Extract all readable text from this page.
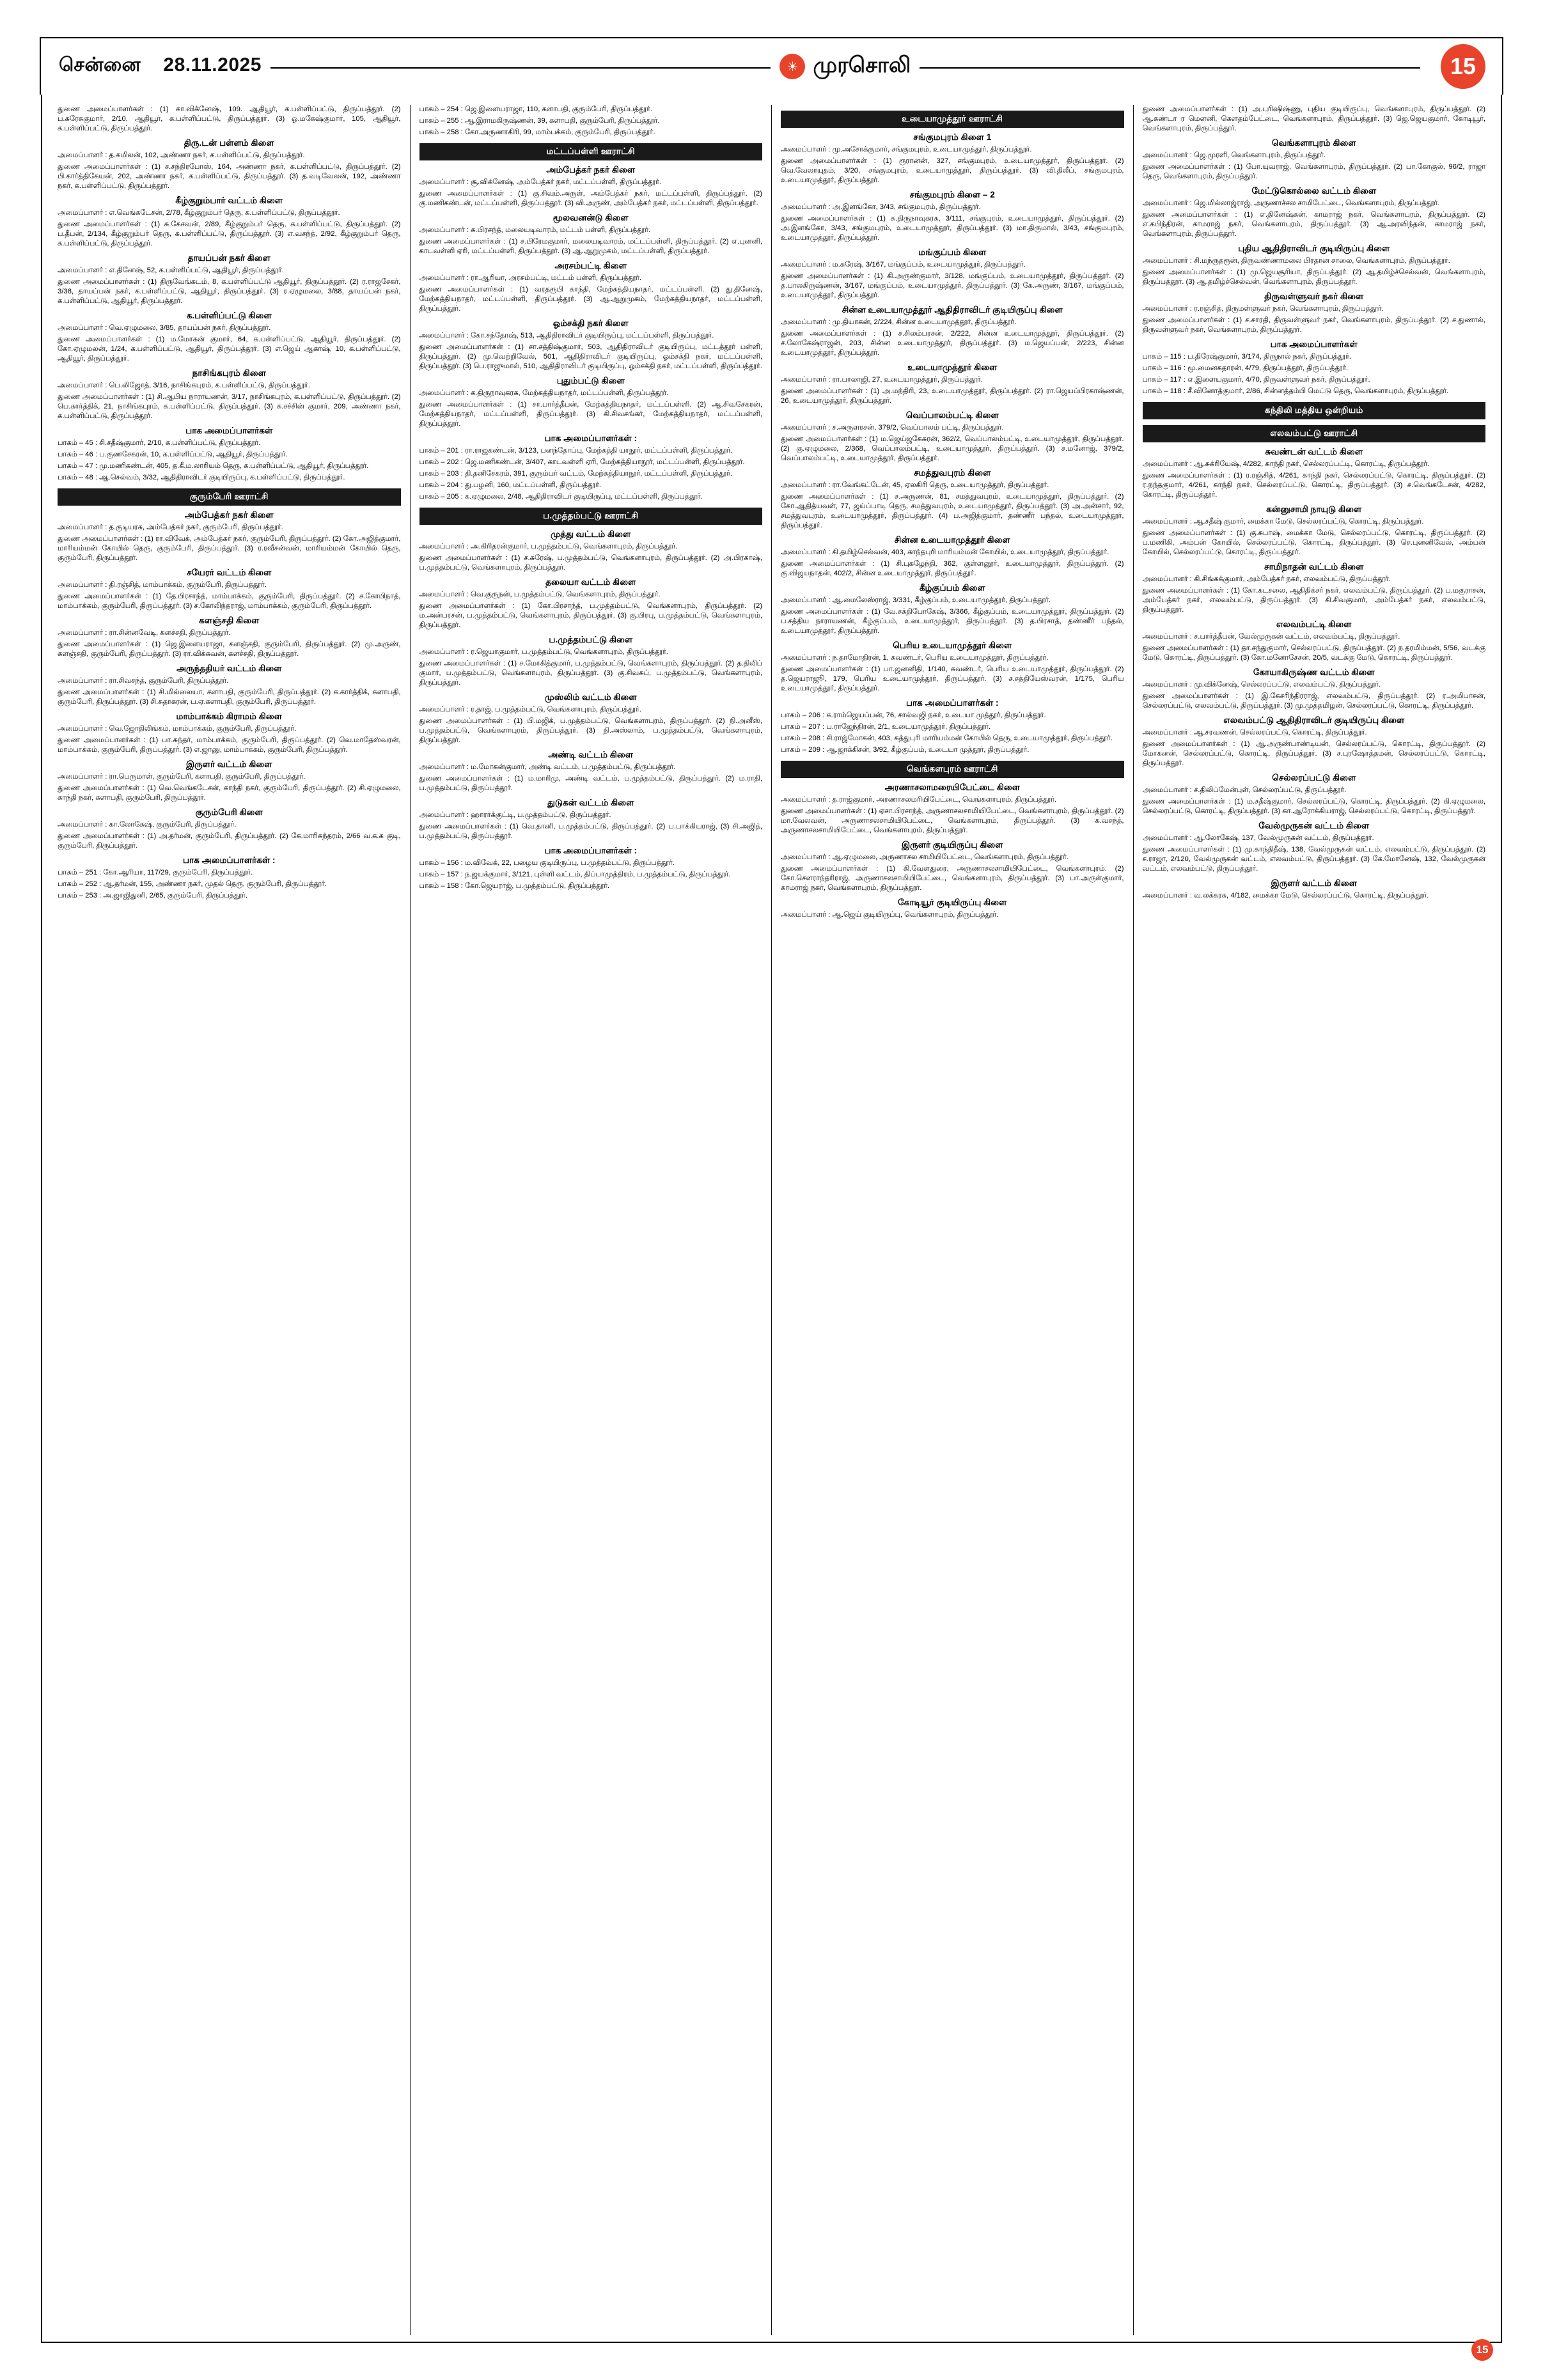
சென்னை 28.11.2025	☀ முரசொலி	15
துணை அமைப்பாளர்கள் : (1) கா.விக்னேஷ், 109. ஆதியூர், க.பள்ளிப்பட்டு, திருப்பத்தூர். (2) ப.சுரேசுகுமார், 2/10, ஆதியூர், க.பள்ளிப்பட்டு, திருப்பத்தூர். (3) ஓ.மகேஷ்குமார், 105, ஆதியூர், க.பள்ளிப்பட்டு, திருப்பத்தூர்.
திரு.டன் பள்ளம் கிளை
அமைப்பாளர் : த.கமிலன், 102, அண்ணா நகர், க.பள்ளிப்பட்டு, திருப்பத்தூர்.
துணை அமைப்பாளர்கள் : (1) ச.சந்திரபோஸ், 164, அண்ணா நகர், க.பள்ளிப்பட்டு, திருப்பத்தூர். (2) பி.கார்த்திகேயன், 202, அண்ணா நகர், க.பள்ளிப்பட்டு, திருப்பத்தூர். (3) த.வடிவேலன், 192, அண்ணா நகர், க.பள்ளிப்பட்டு, திருப்பத்தூர்.
கீழ்குறும்பார் வட்டம் கிளை
அமைப்பாளர் : எ.வெங்கடேசன், 2/78, கீழ்குறும்பர் தெரு, க.பள்ளிப்பட்டு, திருப்பத்தூர்.
துணை அமைப்பாளர்கள் : (1) சு.கேசவன், 2/89, கீழ்குறும்பர் தெரு, க.பள்ளிப்பட்டு, திருப்பத்தூர். (2) ப.தீபன், 2/134, கீழ்குறும்பர் தெரு, க.பள்ளிப்பட்டு, திருப்பத்தூர். (3) எ.வசந்த், 2/92, கீழ்குறும்பர் தெரு, க.பள்ளிப்பட்டு, திருப்பத்தூர்.
தாயப்பன் நகர் கிளை
அமைப்பாளர் : எ.தினேஷ், 52, க.பள்ளிப்பட்டு, ஆதியூர், திருப்பத்தூர்.
துணை அமைப்பாளர்கள் : (1) திருவேங்கடம், 8, க.பள்ளிப்பட்டு ஆதியூர், திருப்பத்தூர். (2) ர.ராஜசேகர், 3/38, தாயப்பன் நகர், க.பள்ளிப்பட்டு, ஆதியூர், திருப்பத்தூர். (3) ர.ஏழுமலை, 3/88, தாயப்பன் நகர், க.பள்ளிப்பட்டு, ஆதியூர், திருப்பத்தூர்.
க.பள்ளிப்பட்டு கிளை
அமைப்பாளர் : வெ.ஏழுமலை, 3/85, தாயப்பன் நகர், திருப்பத்தூர்.
துணை அமைப்பாளர்கள் : (1) ம.மோகன் குமார், 64, க.பள்ளிப்பட்டு, ஆதியூர், திருப்பத்தூர். (2) கோ.ஏழுமலன், 1/24, க.பள்ளிப்பட்டு, ஆதியூர், திருப்பத்தூர். (3) எ.ஜெய் ஆகாஷ், 10, க.பள்ளிப்பட்டு, ஆதியூர், திருப்பத்தூர்.
நாசிங்கபுரம் கிளை
அமைப்பாளர் : பெ.லிஜோத், 3/16, நாசிங்கபுரம், க.பள்ளிப்பட்டு, திருப்பத்தூர்.
துணை அமைப்பாளர்கள் : (1) சி.ஆபிய நாராயணன், 3/17, நாசிங்கபுரம், க.பள்ளிப்பட்டு, திருப்பத்தூர். (2) பெ.கார்த்திக், 21, நாசிங்கபுரம், க.பள்ளிப்பட்டு, திருப்பத்தூர். (3) சு.சச்சின் குமார், 209, அண்ணா நகர், க.பள்ளிப்பட்டு, திருப்பத்தூர்.
பாக அமைப்பாளர்கள்
பாகம் – 45 : சி.சதீஷ்குமார், 2/10, க.பள்ளிப்பட்டு, திருப்பத்தூர்.
பாகம் – 46 : ப.குணசேகரன், 10, க.பள்ளிப்பட்டு, ஆதியூர், திருப்பத்தூர்.
பாகம் – 47 : மு.மணிகண்டன், 405, த.கீ.ம.லாரியம் தெரு, க.பள்ளிப்பட்டு, ஆதியூர், திருப்பத்தூர்.
பாகம் – 48 : ஆ.செல்வம், 3/32, ஆதிதிராவிடர் குடியிருப்பு, க.பள்ளிப்பட்டு, திருப்பத்தூர்.
குரும்பேரி ஊராட்சி
அம்பேத்கர் நகர் கிளை
அமைப்பாளர் : த.குடியரசு, அம்பேத்கர் நகர், குரும்பேரி, திருப்பத்தூர்.
துணை அமைப்பாளர்கள் : (1) ரா.விவேக், அம்பேத்கர் நகர், குரும்பேரி, திருப்பத்தூர். (2) கோ.அஜித்குமார், மாரியம்மன் கோயில் தெரு, குரும்பேரி, திருப்பத்தூர். (3) ர.ரவீசன்வன், மாரியம்மன் கோயில் தெரு, குரும்பேரி, திருப்பத்தூர்.
சயேரர் வட்டம் கிளை
அமைப்பாளர் : தி.ரஞ்சித், மாம்பாக்கம், குரும்பேரி, திருப்பத்தூர்.
துணை அமைப்பாளர்கள் : (1) தே.பிரசாந்த், மாம்பாக்கம், குரும்பேரி, திருப்பத்தூர். (2) ச.கோபிநாத், மாம்பாக்கம், குரும்பேரி, திருப்பத்தூர். (3) ச.கோலிந்தராஜ், மாம்பாக்கம், குரும்பேரி, திருப்பத்தூர்.
களஞ்சதி கிளை
அமைப்பாளர் : ரா.சின்னவேடி, களச்சதி, திருப்பத்தூர்.
துணை அமைப்பாளர்கள் : (1) ஜெ.இளையராஜா, களஞ்சதி, குரும்பேரி, திருப்பத்தூர். (2) மு.அருண், களஞ்சதி, குரும்பேரி, திருப்பத்தூர். (3) ரா.விக்சுவன், களச்சதி, திருப்பத்தூர்.
அருந்ததியர் வட்டம் கிளை
அமைப்பாளர் : ரா.சிவசந்த், குரும்பேரி, திருப்பத்தூர்.
துணை அமைப்பாளர்கள் : (1) சி.மில்லையா, களாபதி, குரும்பேரி, திருப்பத்தூர். (2) க.கார்த்திக், களாபதி, குரும்பேரி, திருப்பத்தூர். (3) சி.சுதாகரன், ப.ஏ.களாபதி, குரும்பேரி, திருப்பத்தூர்.
மாம்பாக்கம் கிராமம் கிளை
அமைப்பாளர் : வெ.ஜோதிலிங்கம், மாம்பாக்கம், குரும்பேரி, திருப்பத்தூர்.
துணை அமைப்பாளர்கள் : (1) பா.சுந்தர், மாம்பாக்கம், குரும்பேரி, திருப்பத்தூர். (2) வெ.மாதேஸ்வரன், மாம்பாக்கம், குரும்பேரி, திருப்பத்தூர். (3) எ.ஜானு, மாம்பாக்கம், குரும்பேரி, திருப்பத்தூர்.
இருளர் வட்டம் கிளை
அமைப்பாளர் : ரா.பெருமாள், குரும்பேரி, களாபதி, குரும்பேரி, திருப்பத்தூர்.
துணை அமைப்பாளர்கள் : (1) வெ.வெங்கடேசன், காந்தி நகர், குரும்பேரி, திருப்பத்தூர். (2) சி.ஏழுமலை, காந்தி நகர், களாபதி, குரும்பேரி, திருப்பத்தூர்.
குரும்பேரி கிளை
அமைப்பாளர் : கா.லோகேஷ், குரும்பேரி, திருப்பத்தூர்.
துணை அமைப்பாளர்கள் : (1) அ.தர்மன், குரும்பேரி, திருப்பத்தூர். (2) கே.மாரிசுந்தரம், 2/66 வ.க.க குடி, குரும்பேரி, திருப்பத்தூர்.
பாக அமைப்பாளர்கள் :
பாகம் – 251 : கோ.ஆரியா, 117/29, குரும்பேரி, திருப்பத்தூர்.
பாகம் – 252 : ஆ.தர்மன், 155, அண்ணா நகர், முதல் தெரு, குரும்பேரி, திருப்பத்தூர்.
பாகம் – 253 : அ.ஜாஜிதுனி, 2/65, குரும்பேரி, திருப்பத்தூர்.
பாகம் – 254 : ஜெ.இளையராஜா, 110, களாபதி, குரும்பேரி, திருப்பத்தூர்.
பாகம் – 255 : ஆ.இராமகிருஷ்ணன், 39, களாபதி, குரும்பேரி, திருப்பத்தூர்.
பாகம் – 258 : கோ.அருணாகிரி, 99, மாம்பக்கம், குரும்பேரி, திருப்பத்தூர்.
மட்டப்பள்ளி ஊராட்சி
அம்பேத்கர் நகர் கிளை
அமைப்பாளர் : சூ.விக்னேஷ், அம்பேத்கர் நகர், மட்டப்பள்ளி, திருப்பத்தூர்.
துணை அமைப்பாளர்கள் : (1) கு.சிவம்.அருள், அம்பேத்கர் நகர், மட்டப்பள்ளி, திருப்பத்தூர். (2) கு.மணிகண்டன், மட்டப்பள்ளி, திருப்பத்தூர். (3) வி.அருண், அம்பேத்கர் நகர், மட்டப்பள்ளி, திருப்பத்தூர்.
மூலவனன்டு கிளை
அமைப்பாளர் : சு.பிரசந்த், மலையடிவாரம், மட்டம் பள்ளி, திருப்பத்தூர்.
துணை அமைப்பாளர்கள் : (1) ச.பிரேமகுமார், மலையடிவாரம், மட்டப்பள்ளி, திருப்பத்தூர். (2) எ.புனனி, காடவள்ளி ஏரி, மட்டப்பள்ளி, திருப்பத்தூர். (3) ஆ.ஆறுமுகம், மட்டப்பள்ளி, திருப்பத்தூர்.
அரசம்பட்டி கிளை
அமைப்பாளர் : ரா.ஆரியா, அரசம்பட்டி, மட்டம் பள்ளி, திருப்பத்தூர்.
துணை அமைப்பாளர்கள் : (1) வரதரூபி காந்தி, மேற்கத்தியநாதர், மட்டப்பள்ளி. (2) து.தினேஷ், மேற்கத்தியநாதர், மட்டப்பள்ளி, திருப்பத்தூர். (3) ஆ.ஆறுமுகம், மேற்கத்தியநாதர், மட்டப்பள்ளி, திருப்பத்தூர்.
ஓம்சக்தி நகர் கிளை
அமைப்பாளர் : கோ.சந்தோஷ், 513, ஆதிதிராவிடர் குடியிருப்பு, மட்டப்பள்ளி, திருப்பத்தூர்.
துணை அமைப்பாளர்கள் : (1) சா.சத்திஷ்குமார், 503, ஆதிதிராவிடர் குடியிருப்பு, மட்டத்தூர் பள்ளி, திருப்பத்தூர். (2) மு.வெற்றிவேல், 501, ஆதிதிராவிடர் குடியிருப்பு, ஓம்சக்தி நகர், மட்டப்பள்ளி, திருப்பத்தூர். (3) பெ.ராஜுமால், 510, ஆதிதிராவிடர் குடியிருப்பு, ஓம்சக்தி நகர், மட்டப்பள்ளி, திருப்பத்தூர்.
புதும்பட்டு கிளை
அமைப்பாளர் : க.திருநாவுகரசு, மேற்கத்தியநாதர், மட்டப்பள்ளி, திருப்பத்தூர்.
துணை அமைப்பாளர்கள் : (1) சா.பார்த்தீபன், மேற்கத்தியநாதர், மட்டப்பள்ளி. (2) ஆ.சிவசேகரன், மேற்கத்தியநாதர், மட்டப்பள்ளி, திருப்பத்தூர். (3) கி.சிவசங்கர், மேற்கத்தியநாதர், மட்டப்பள்ளி, திருப்பத்தூர்.
பாக அமைப்பாளர்கள் :
பாகம் – 201 : ரா.ராஜகண்டன், 3/123, பனந்தோப்பு, மேற்கத்தி யாநூர், மட்டப்பள்ளி, திருப்பத்தூர்.
பாகம் – 202 : ஜெ.மணிகண்டன், 3/407, காடவள்ளி ஏரி, மேற்கத்தியாநூர், மட்டப்பள்ளி, திருப்பத்தூர்.
பாகம் – 203 : தி.தனிசேகரம், 391, குரும்பர் வட்டம், மேற்கத்தியாநூர், மட்டப்பள்ளி, திருப்பத்தூர்.
பாகம் – 204 : து.பழனி, 160, மட்டப்பள்ளி, திருப்பத்தூர்.
பாகம் – 205 : க.ஏழுமலை, 2/48, ஆதிதிராவிடர் குடியிருப்பு, மட்டப்பள்ளி, திருப்பத்தூர்.
ப.முத்தம்பட்டு ஊராட்சி
முத்து வட்டம் கிளை
அமைப்பாளர் : அ.கிரிதரன்குமார், ப.முத்தம்பட்டு, வெங்களாபுரம், திருப்பத்தூர்.
துணை அமைப்பாளர்கள் : (1) ச.சுரேஷ், ப.முத்தம்பட்டு, வெங்களாபுரம், திருப்பத்தூர். (2) அ.பிரகாஷ், ப.முத்தம்பட்டு, வெங்களாபுரம், திருப்பத்தூர்.
தலையா வட்டம் கிளை
அமைப்பாளர் : வெ.குருநன், ப.முத்தம்பட்டு, வெங்களாபுரம், திருப்பத்தூர்.
துணை அமைப்பாளர்கள் : (1) கோ.பிரசாந்த், ப.முத்தம்பட்டு, வெங்களாபுரம், திருப்பத்தூர். (2) ம.அன்பரசன், ப.முத்தம்பட்டு, வெங்களாபுரம், திருப்பத்தூர். (3) கு.பிரபு, ப.முத்தம்பட்டு, வெங்களாபுரம், திருப்பத்தூர்.
ப.முத்தம்பட்டு கிளை
அமைப்பாளர் : ர.ஜெயாகுமார், ப.முத்தம்பட்டு, வெங்களாபுரம், திருப்பத்தூர்.
துணை அமைப்பாளர்கள் : (1) ச.மோகித்குமார், ப.முத்தம்பட்டு, வெங்களாபுரம், திருப்பத்தூர். (2) த.திலிப் குமார், ப.முத்தம்பட்டு, வெங்களாபுரம், திருப்பத்தூர். (3) கு.சிவசுப், ப.முத்தம்பட்டு, வெங்களாபுரம், திருப்பத்தூர்.
முஸ்லிம் வட்டம் கிளை
அமைப்பாளர் : ர.தாஜ், ப.முத்தம்பட்டு, வெங்களாபுரம், திருப்பத்தூர்.
துணை அமைப்பாளர்கள் : (1) பி.மஜிக், ப.முத்தம்பட்டு, வெங்களாபுரம், திருப்பத்தூர். (2) நி.அனீஸ், ப.முத்தம்பட்டு, வெங்களாபுரம், திருப்பத்தூர். (3) நி.அஸ்லாம், ப.முத்தம்பட்டு, வெங்களாபுரம், திருப்பத்தூர்.
அண்டி வட்டம் கிளை
அமைப்பாளர் : ம.மோகன்குமார், அண்டி வட்டம், ப.முத்தம்பட்டு, திருப்பத்தூர்.
துணை அமைப்பாளர்கள் : (1) ம.மாரிமு, அண்டி வட்டம், ப.முத்தம்பட்டு, திருப்பத்தூர். (2) ம.ராதி, ப.முத்தம்பட்டு, திருப்பத்தூர்.
துடுகன் வட்டம் கிளை
அமைப்பாளர் : ஹாராக்குட்டி, ப.முத்தம்பட்டு, திருப்பத்தூர்.
துணை அமைப்பாளர்கள் : (1) வெ.தானி, ப.முத்தம்பட்டு, திருப்பத்தூர். (2) ப.பாக்கியராஜ், (3) சி.அஜித், ப.முத்தம்பட்டு, திருப்பத்தூர்.
பாக அமைப்பாளர்கள் :
பாகம் – 156 : ம.விவேக், 22, பழைய குடியிருப்பு, ப.முத்தம்பட்டு, திருப்பத்தூர்.
பாகம் – 157 : ந.ஜயக்குமார், 3/121, புள்ளி வட்டம், திப்பாமுத்திரம், ப.முத்தம்பட்டு, திருப்பத்தூர்.
பாகம் – 158 : கோ.ஜெயராஜ், ப.முத்தம்பட்டு, திருப்பத்தூர்.
உடையாமுத்தூர் ஊராட்சி
சங்குமபுரம் கிளை 1
அமைப்பாளர் : மு.அசோக்குமார், சங்குமபுரம், உடையாமுத்தூர், திருப்பத்தூர்.
துணை அமைப்பாளர்கள் : (1) ரூரானன், 327, சங்குமபுரம், உடையாமுத்தூர், திருப்பத்தூர். (2) வெ.வேலாயுதம், 3/20, சங்குமபுரம், உடையாமுத்தூர், திருப்பத்தூர். (3) வி.திலீப், சங்குமபுரம், உடையாமுத்தூர், திருப்பத்தூர்.
சங்குமபுரம் கிளை – 2
அமைப்பாளர் : அ.இளங்கோ, 3/43, சங்குமபுரம், திருப்பத்தூர்.
துணை அமைப்பாளர்கள் : (1) சு.திருநாவுகரசு, 3/111, சங்குபுரம், உடையாமுத்தூர், திருப்பத்தூர். (2) அ.இளங்கோ, 3/43, சங்குமபுரம், உடையாமுத்தூர், திருப்பத்தூர். (3) மா.திருமால், 3/43, சங்குமபுரம், உடையாமுத்தூர், திருப்பத்தூர்.
மங்குப்பம் கிளை
அமைப்பாளர் : ம.சுரேஷ், 3/167, மங்குப்பம், உடையாமுத்தூர், திருப்பத்தூர்.
துணை அமைப்பாளர்கள் : (1) கி.அருண்குமார், 3/128, மங்குப்பம், உடையாமுத்தூர், திருப்பத்தூர். (2) த.பாலகிருஷ்ணன், 3/167, மங்குப்பம், உடையாமுத்தூர், திருப்பத்தூர். (3) கே.அருண், 3/167, மங்குப்பம், உடையாமுத்தூர், திருப்பத்தூர்.
சின்ன உடையாமுத்தூர் ஆதிதிராவிடர் குடியிருப்பு கிளை
அமைப்பாளர் : மு.தியாகன், 2/224, சின்ன உடையாமுத்தூர், திருப்பத்தூர்.
துணை அமைப்பாளர்கள் : (1) ச.சிலம்பரசன், 2/222, சின்ன உடையாமுத்தூர், திருப்பத்தூர். (2) ச.லோகேஷ்ராஜன், 203, சின்ன உடையாமுத்தூர், திருப்பத்தூர். (3) ம.ஜெயப்பன், 2/223, சின்ன உடையாமுத்தூர், திருப்பத்தூர்.
உடையாமுத்தூர் கிளை
அமைப்பாளர் : ரா.பாலாஜி, 27, உடையாமுத்தூர், திருப்பத்தூர்.
துணை அமைப்பாளர்கள் : (1) அ.மந்திரி, 23, உடையாமுத்தூர், திருப்பத்தூர். (2) ரா.ஜெயப்பிரகாஷ்ணன், 26, உடையாமுத்தூர், திருப்பத்தூர்.
வெப்பாலம்பட்டி கிளை
அமைப்பாளர் : ச.அருளரசன், 379/2, வெப்பாலம் பட்டி, திருப்பத்தூர்.
துணை அமைப்பாளர்கள் : (1) ம.ஜெய்ஜகேசுரன், 362/2, வெப்பாலம்பட்டி, உடையாமுத்தூர், திருப்பத்தூர். (2) கு.ஏழுமலை, 2/368, வெப்பாலம்பட்டி, உடையாமுத்தூர், திருப்பத்தூர். (3) ச.மனோஜ், 379/2, வெப்பாலம்பட்டி, உடையாமுத்தூர், திருப்பத்தூர்.
சமத்துவபுரம் கிளை
அமைப்பாளர் : ரா.வேங்கட்டேன், 45, ஏலகிரி தெரு, உடையாமுத்தூர், திருப்பத்தூர்.
துணை அமைப்பாளர்கள் : (1) ச.அருணன், 81, சமத்துவபுரம், உடையாமுத்தூர், திருப்பத்தூர். (2) கோ.ஆதித்யவள், 77, ஜய்ப்பாடி தெரு, சமத்துவபுரம், உடையாமுத்தூர், திருப்பத்தூர். (3) அ.அன்சார், 92, சமத்துவபுரம், உடையாமுத்தூர், திருப்பத்தூர். (4) ப.அஜித்குமார், தண்ணீர் பந்தல், உடையாமுத்தூர், திருப்பத்தூர்.
சின்ன உடையாமுத்தூர் கிளை
அமைப்பாளர் : கி.தமிழ்செல்வன், 403, காந்தபுரி மாரியம்மன் கோயில், உடையாமுத்தூர், திருப்பத்தூர்.
துணை அமைப்பாளர்கள் : (1) சி.புகழேந்தி, 362, குள்ளனூர், உடையாமுத்தூர், திருப்பத்தூர். (2) கு.விஜயநாதன், 402/2, சின்ன உடையாமுத்தூர், திருப்பத்தூர்.
கீழ்குப்பம் கிளை
அமைப்பாளர் : ஆ.மைலேஸ்ராஜ், 3/331, கீழ்குப்பம், உடையாமுத்தூர், திருப்பத்தூர்.
துணை அமைப்பாளர்கள் : (1) வே.சக்திபோகேஷ், 3/366, கீழ்குப்பம், உடையாமுத்தூர், திருப்பத்தூர். (2) ப.சத்திய நாராயணன், கீழ்குப்பம், உடையாமுத்தூர், திருப்பத்தூர். (3) த.பிரசாத், தண்ணீர் பந்தல், உடையாமுத்தூர், திருப்பத்தூர்.
பெரிய உடையாமுத்தூர் கிளை
அமைப்பாளர் : ந.தாமோதிரன், 1, சுவண்டர், பெரிய உடையாமுத்தூர், திருப்பத்தூர்.
துணை அமைப்பாளர்கள் : (1) பா.ஜனனிதி, 1/140, சுவண்டர், பெரிய உடையாமுத்தூர், திருப்பத்தூர். (2) த.ஜெயராஜூ, 179, பெரிய உடையாமுத்தூர், திருப்பத்தூர். (3) ச.சத்தியேஸ்வரன், 1/175, பெரிய உடையாமுத்தூர், திருப்பத்தூர்.
பாக அமைப்பாளர்கள் :
பாகம் – 206 : க.ராம்ஜெயப்பன், 76, சால்வஜி நகர், உடையா முத்தூர், திருப்பத்தூர்.
பாகம் – 207 : ப.ராஜேந்திரன், 2/1, உடையாமுத்தூர், திருப்பத்தூர்.
பாகம் – 208 : சி.ராஜ்மோகன், 403, கத்துபுரி மாரியம்மன் கோயில் தெரு, உடையாமுத்தூர், திருப்பத்தூர்.
பாகம் – 209 : ஆ.ஜாக்கிசன், 3/92, கீழ்குப்பம், உடையா முத்தூர், திருப்பத்தூர்.
வெங்களபுரம் ஊராட்சி
அரணாசலாமரையிபேட்டை கிளை
அமைப்பாளர் : த.ராஜ்குமார், அரணாசலமரியிபேட்டை, வெங்களாபுரம், திருப்பத்தூர்.
துணை அமைப்பாளர்கள் : (1) ஏசா.பிரசாந்த், அருணாசலசாமியிபேட்டை, வெங்களாபுரம், திருப்பத்தூர். (2) மா.வேலவன், அருணாசலசாமியிபேட்டை, வெங்களாபுரம், திருப்பத்தூர். (3) க.வசந்த், அருணாசலசாமியிபேட்டை, வெங்களாபுரம், திருப்பத்தூர்.
இருளர் குடியிருப்பு கிளை
அமைப்பாளர் : ஆ.ஏழுமலை, அருணாசல சாமியிபேட்டை, வெங்களாபுரம், திருப்பத்தூர்.
துணை அமைப்பாளர்கள் : (1) கி.வேளதுரை, அருணாசலசாமியிபேட்டை, வெங்களாபுரம். (2) கோ.சௌராந்தரிராஜ், அருணாசலசாமியிபேட்டை, வெங்களாபுரம், திருப்பத்தூர். (3) பா.அருள்குமார், காமராஜ் நகர், வெங்களாபுரம், திருப்பத்தூர்.
கோடியூர் குடியிருப்பு கிளை
அமைப்பாளர் : ஆ.ஜெய் குடியிருப்பு, வெங்களாபுரம், திருப்பத்தூர்.
துணை அமைப்பாளர்கள் : (1) அ.புரிஷிஷ்ணு, புதிய குடியிருப்பு, வெங்களாபுரம், திருப்பத்தூர். (2) ஆ.கண்டா ர மௌனி, கௌதம்பேட்டை, வெங்களாபுரம், திருப்பத்தூர். (3) ஜெ.ஜெயகுமார், கோடியூர், வெங்களாபுரம், திருப்பத்தூர்.
வெங்களாபுரம் கிளை
அமைப்பாளர் : ஜெ.முரளி, வெங்களாபுரம், திருப்பத்தூர்.
துணை அமைப்பாளர்கள் : (1) போ.யுவராஜ், வெங்களாபுரம், திருப்பத்தூர். (2) பா.கோகுல், 96/2, ராஜா தெரு, வெங்களாபுரம், திருப்பத்தூர்.
மேட்டுகொல்லை வட்டம் கிளை
அமைப்பாளர் : ஜெ.மில்லாஜ்ராஜ், அருணாச்சல சாமிபேட்டை, வெங்களாபுரம், திருப்பத்தூர்.
துணை அமைப்பாளர்கள் : (1) எ.தினேஷ்கன், காமராஜ் நகர், வெங்களாபுரம், திருப்பத்தூர். (2) எ.கபிந்திரன், காமராஜ் நகர், வெங்களாபுரம், திருப்பத்தூர். (3) ஆ.அரவிந்தன், காமராஜ் நகர், வெங்களாபுரம், திருப்பத்தூர்.
புதிய ஆதிதிராவிடர் குடியிருப்பு கிளை
அமைப்பாளர் : சி.மந்ருதரூன், திருவண்ணாமலை பிரதான சாலை, வெங்களாபுரம், திருப்பத்தூர்.
துணை அமைப்பாளர்கள் : (1) மு.ஜெயசூரியா, திருப்பத்தூர். (2) ஆ.தமிழ்ச்செல்வன், வெங்களாபுரம், திருப்பத்தூர். (3) ஆ.தமிழ்ச்செல்வன், வெங்களாபுரம், திருப்பத்தூர்.
திருவள்ளுவர் நகர் கிளை
அமைப்பாளர் : ர.ரஞ்சித், திருமள்ளுவர் நகர், வெங்களாபுரம், திருப்பத்தூர்.
துணை அமைப்பாளர்கள் : (1) ச.சாரதி, திருவள்ளுவர் நகர், வெங்களாபுரம், திருப்பத்தூர். (2) ச.துணால், திருவள்ளுவர் நகர், வெங்களாபுரம், திருப்பத்தூர்.
பாக அமைப்பாளர்கள்
பாகம் – 115 : ப.திரேஷ்குமார், 3/174, திருநால் நகர், திருப்பத்தூர்.
பாகம் – 116 : மூ.மைனகதாரன், 4/79, திருப்பத்தூர், திருப்பத்தூர்.
பாகம் – 117 : எ.இளையகுமார், 4/70, திருவள்ளுவர் நகர், திருப்பத்தூர்.
பாகம் – 118 : சீ.வினோத்குமார், 2/86, சின்னத்தம்பி மெட்டு தெரு, வெங்களாபுரம், திருப்பத்தூர்.
கந்திலி மத்திய ஒன்றியம்
எலவம்பட்டு ஊராட்சி
சுவண்டன் வட்டம் கிளை
அமைப்பாளர் : ஆ.சுக்ரியேஷ், 4/282, காந்தி நகர், செல்லரப்பட்டி, கொரட்டி, திருப்பத்தூர்.
துணை அமைப்பாளர்கள் : (1) ர.ரஞ்சித், 4/261, காந்தி நகர், செல்லரப்பட்டு, கொரட்டி, திருப்பத்தூர். (2) ர.நந்தகுமார், 4/261, காந்தி நகர், செல்லரப்பட்டு, கொரட்டி, திருப்பத்தூர். (3) ச.வெங்கடேசன், 4/282, கொரட்டி, திருப்பத்தூர்.
கன்னுசாமி நாயுடு கிளை
அமைப்பாளர் : ஆ.சதீஷ் குமார், மைக்கா மேடு, செல்லரப்பட்டு, கொரட்டி, திருப்பத்தூர்.
துணை அமைப்பாளர்கள் : (1) கு.சுபாஷ், மைக்கா மேடு, செல்லரப்பட்டு, கொரட்டி, திருப்பத்தூர். (2) ப.மணிகி, அம்பன் கோயில், செல்லரப்பட்டு, கொரட்டி, திருப்பத்தூர். (3) செ.புனனிவேல், அம்பன் கோயில், செல்லரப்பட்டு, கொரட்டி, திருப்பத்தூர்.
சாமிநாதன் வட்டம் கிளை
அமைப்பாளர் : கி.சிங்கக்குமார், அம்பேத்கர் நகர், எலவம்பட்டு, திருப்பத்தூர்.
துணை அமைப்பாளர்கள் : (1) கோ.கடசலை, ஆதிதிக்சர் நகர், எலவம்பட்டு, திருப்பத்தூர். (2) ப.மகுராசன், அம்பேத்கர் நகர், எலவம்பட்டு, திருப்பத்தூர். (3) கி.சிவகுமார், அம்பேத்கர் நகர், எலவம்பட்டு, திருப்பத்தூர்.
எலவம்பட்டி கிளை
அமைப்பாளர் : ச.பார்த்தீபன், வேல்முருகன் வட்டம், எலவம்பட்டி, திருப்பத்தூர்.
துணை அமைப்பாளர்கள் : (1) தா.சந்துகுமார், செல்லரப்பட்டு, திருப்பத்தூர். (2) ந.தரமிம்மன், 5/56, வடக்கு மேடு, கொரட்டி, திருப்பத்தூர். (3) கோ.மனோசேசன், 20/5, வடக்கு மேடு, கொரட்டி, திருப்பத்தூர்.
கோயாகிருஷ்ண வட்டம் கிளை
அமைப்பாளர் : மு.விக்னேஷ், செல்லரப்பட்டு, எலவம்பட்டு, திருப்பத்தூர்.
துணை அமைப்பாளர்கள் : (1) இ.கேசரிந்திரராஜ், எலவம்பட்டு, திருப்பத்தூர். (2) ர.அமிபாசன், செல்லரப்பட்டு, எலவம்பட்டு, திருப்பத்தூர். (3) மு.முத்தமிழன், செல்லரப்பட்டு, கொரட்டி, திருப்பத்தூர்.
எலவம்பட்டு ஆதிதிராவிடர் குடியிருப்பு கிளை
அமைப்பாளர் : ஆ.சரவணன், செல்லரப்பட்டு, கொரட்டி, திருப்பத்தூர்.
துணை அமைப்பாளர்கள் : (1) ஆ.அருண்பாண்டியன், செல்லரப்பட்டு, கொரட்டி, திருப்பத்தூர். (2) மோகனன், செல்லரப்பட்டு, கொரட்டி, திருப்பத்தூர். (3) ச.புரஷோத்தமன், செல்லரப்பட்டு, கொரட்டி, திருப்பத்தூர்.
செல்லரப்பட்டு கிளை
அமைப்பாளர் : ச.திலிப்மேன்புள், செல்லரப்பட்டு, திருப்பத்தூர்.
துணை அமைப்பாளர்கள் : (1) ம.சதீஷ்குமார், செல்லரப்பட்டு, கொரட்டி, திருப்பத்தூர். (2) கி.ஏழுமலை, செல்லரப்பட்டு, கொரட்டி, திருப்பத்தூர். (3) கா.ஆரோக்கியராஜ், செல்லரப்பட்டு, கொரட்டி, திருப்பத்தூர்.
வேல்முருகன் வட்டம் கிளை
அமைப்பாளர் : ஆ.லோகேஷ், 137, வேல்முருகன் வட்டம், திருப்பத்தூர்.
துணை அமைப்பாளர்கள் : (1) மு.காந்திதீஷ், 138, வேல்முருகன் வட்டம், எலவம்பட்டு, திருப்பத்தூர். (2) ச.ராஜா, 2/120, வேல்முருகன் வட்டம், எலவம்பட்டு, திருப்பத்தூர். (3) கே.மோனேஷ், 132, வேல்முருகன் வட்டம், எலவம்பட்டு, திருப்பத்தூர்.
இருளர் வட்டம் கிளை
அமைப்பாளர் : வ.லக்கரசு, 4/182, மைக்கா மேடு, செல்லரப்பட்டு, கொரட்டி, திருப்பத்தூர்.
15
